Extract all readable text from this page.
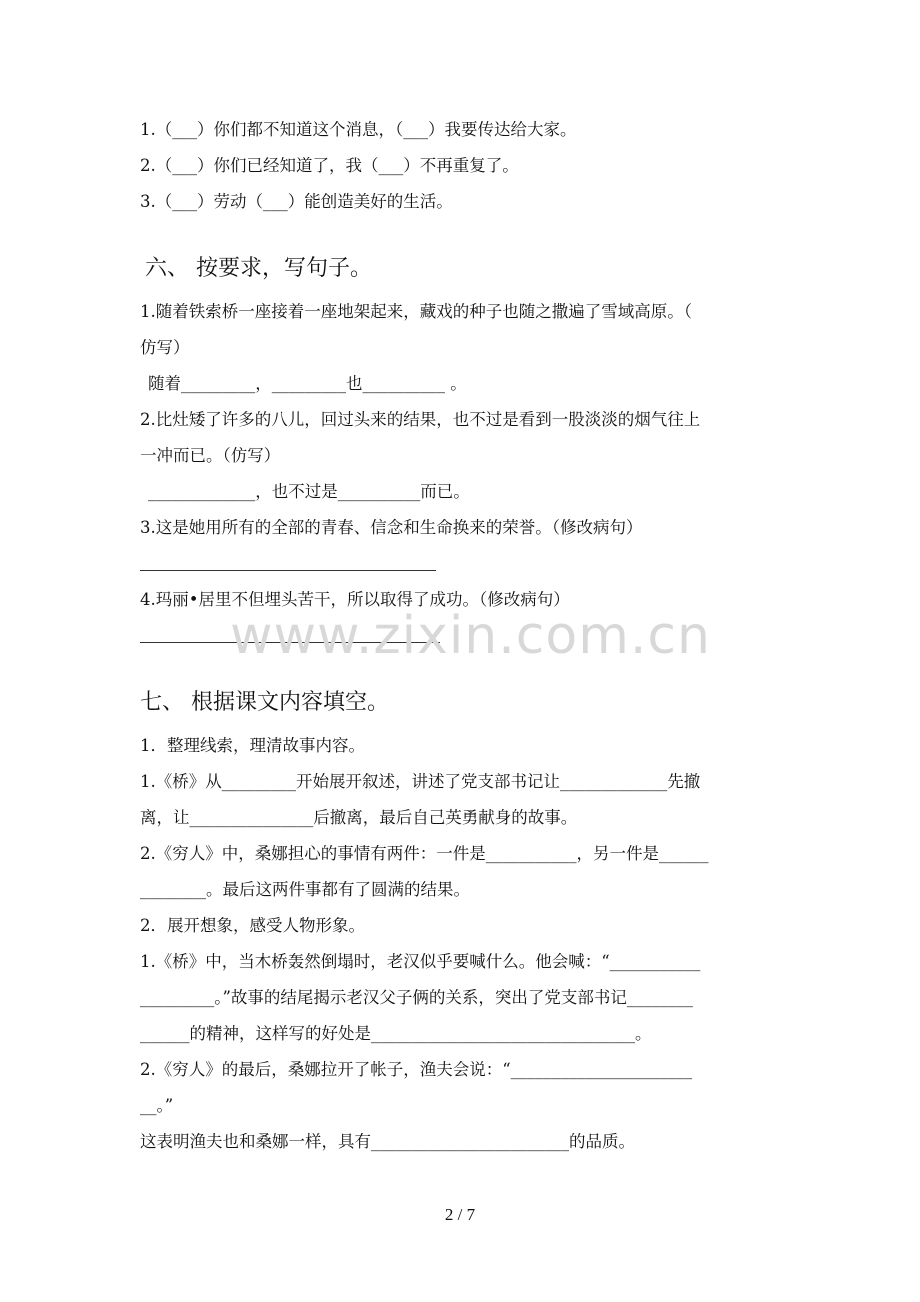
1.（___）你们都不知道这个消息，（___）我要传达给大家。
2.（___）你们已经知道了，我（___）不再重复了。
3.（___）劳动（___）能创造美好的生活。
六、 按要求，写句子。
1.随着铁索桥一座接着一座地架起来，藏戏的种子也随之撒遍了雪域高原。（
仿写）
随着_________，_________也__________ 。
2.比灶矮了许多的八儿，回过头来的结果，也不过是看到一股淡淡的烟气往上
一冲而已。（仿写）
_____________，也不过是__________而已。
3.这是她用所有的全部的青春、信念和生命换来的荣誉。（修改病句）
4.玛丽•居里不但埋头苦干，所以取得了成功。（修改病句）
www.zixin.com.cn
七、 根据课文内容填空。
1．整理线索，理清故事内容。
1.《桥》从_________开始展开叙述，讲述了党支部书记让_____________先撤
离，让_______________后撤离，最后自己英勇献身的故事。
2.《穷人》中，桑娜担心的事情有两件：一件是___________，另一件是______
________。最后这两件事都有了圆满的结果。
2．展开想象，感受人物形象。
1.《桥》中，当木桥轰然倒塌时，老汉似乎要喊什么。他会喊：“___________
_________。”故事的结尾揭示老汉父子俩的关系，突出了党支部书记________
______的精神，这样写的好处是________________________________。
2.《穷人》的最后，桑娜拉开了帐子，渔夫会说：“______________________
__。”
这表明渔夫也和桑娜一样，具有________________________的品质。
2 / 7
